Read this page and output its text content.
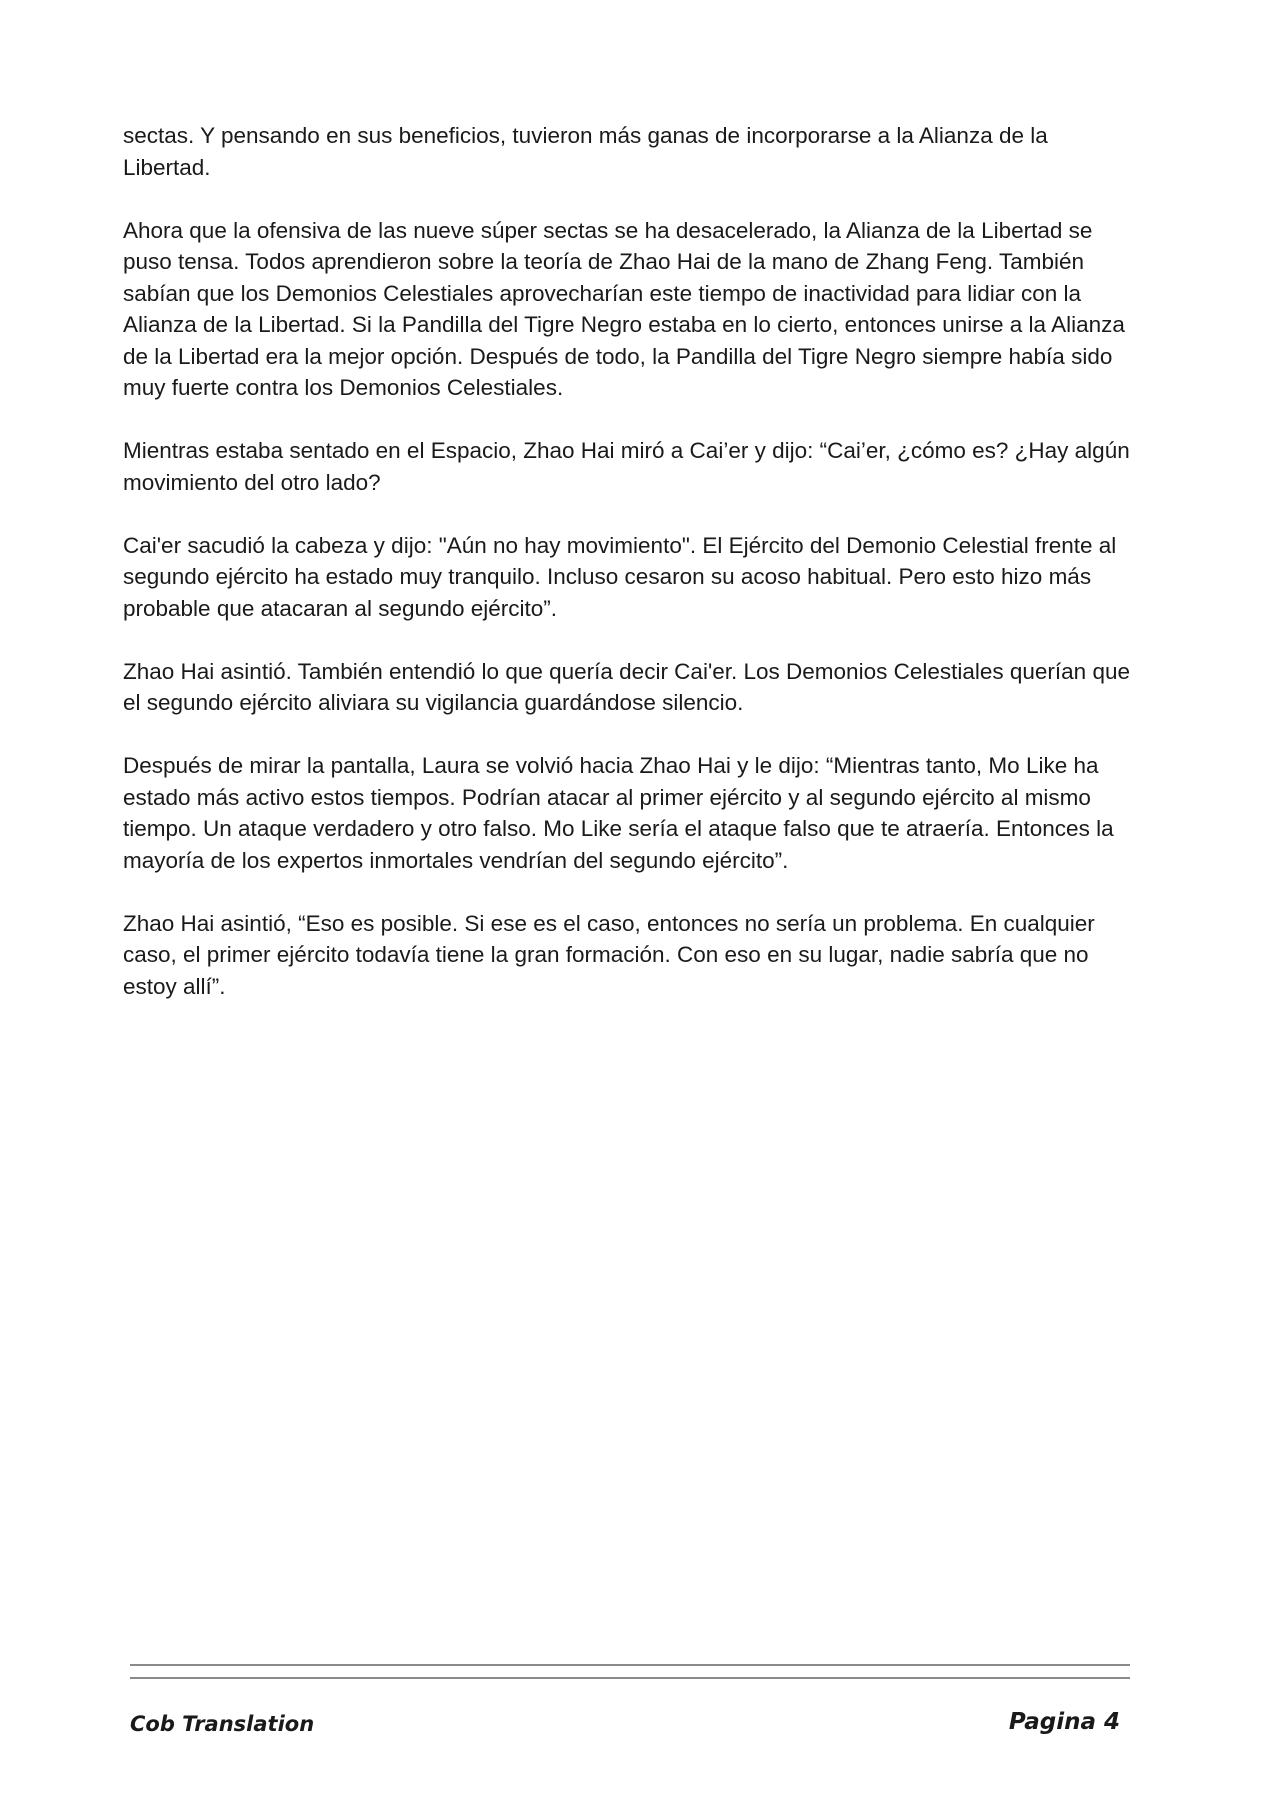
sectas. Y pensando en sus beneficios, tuvieron más ganas de incorporarse a la Alianza de la Libertad.

Ahora que la ofensiva de las nueve súper sectas se ha desacelerado, la Alianza de la Libertad se puso tensa. Todos aprendieron sobre la teoría de Zhao Hai de la mano de Zhang Feng. También sabían que los Demonios Celestiales aprovecharían este tiempo de inactividad para lidiar con la Alianza de la Libertad. Si la Pandilla del Tigre Negro estaba en lo cierto, entonces unirse a la Alianza de la Libertad era la mejor opción. Después de todo, la Pandilla del Tigre Negro siempre había sido muy fuerte contra los Demonios Celestiales.

Mientras estaba sentado en el Espacio, Zhao Hai miró a Cai’er y dijo: “Cai’er, ¿cómo es? ¿Hay algún movimiento del otro lado?

Cai'er sacudió la cabeza y dijo: "Aún no hay movimiento". El Ejército del Demonio Celestial frente al segundo ejército ha estado muy tranquilo. Incluso cesaron su acoso habitual. Pero esto hizo más probable que atacaran al segundo ejército”.

Zhao Hai asintió. También entendió lo que quería decir Cai'er. Los Demonios Celestiales querían que el segundo ejército aliviara su vigilancia guardándose silencio.

Después de mirar la pantalla, Laura se volvió hacia Zhao Hai y le dijo: “Mientras tanto, Mo Like ha estado más activo estos tiempos. Podrían atacar al primer ejército y al segundo ejército al mismo tiempo. Un ataque verdadero y otro falso. Mo Like sería el ataque falso que te atraería. Entonces la mayoría de los expertos inmortales vendrían del segundo ejército”.

Zhao Hai asintió, “Eso es posible. Si ese es el caso, entonces no sería un problema. En cualquier caso, el primer ejército todavía tiene la gran formación. Con eso en su lugar, nadie sabría que no estoy allí”.

Cob Translation	Pagina 4
